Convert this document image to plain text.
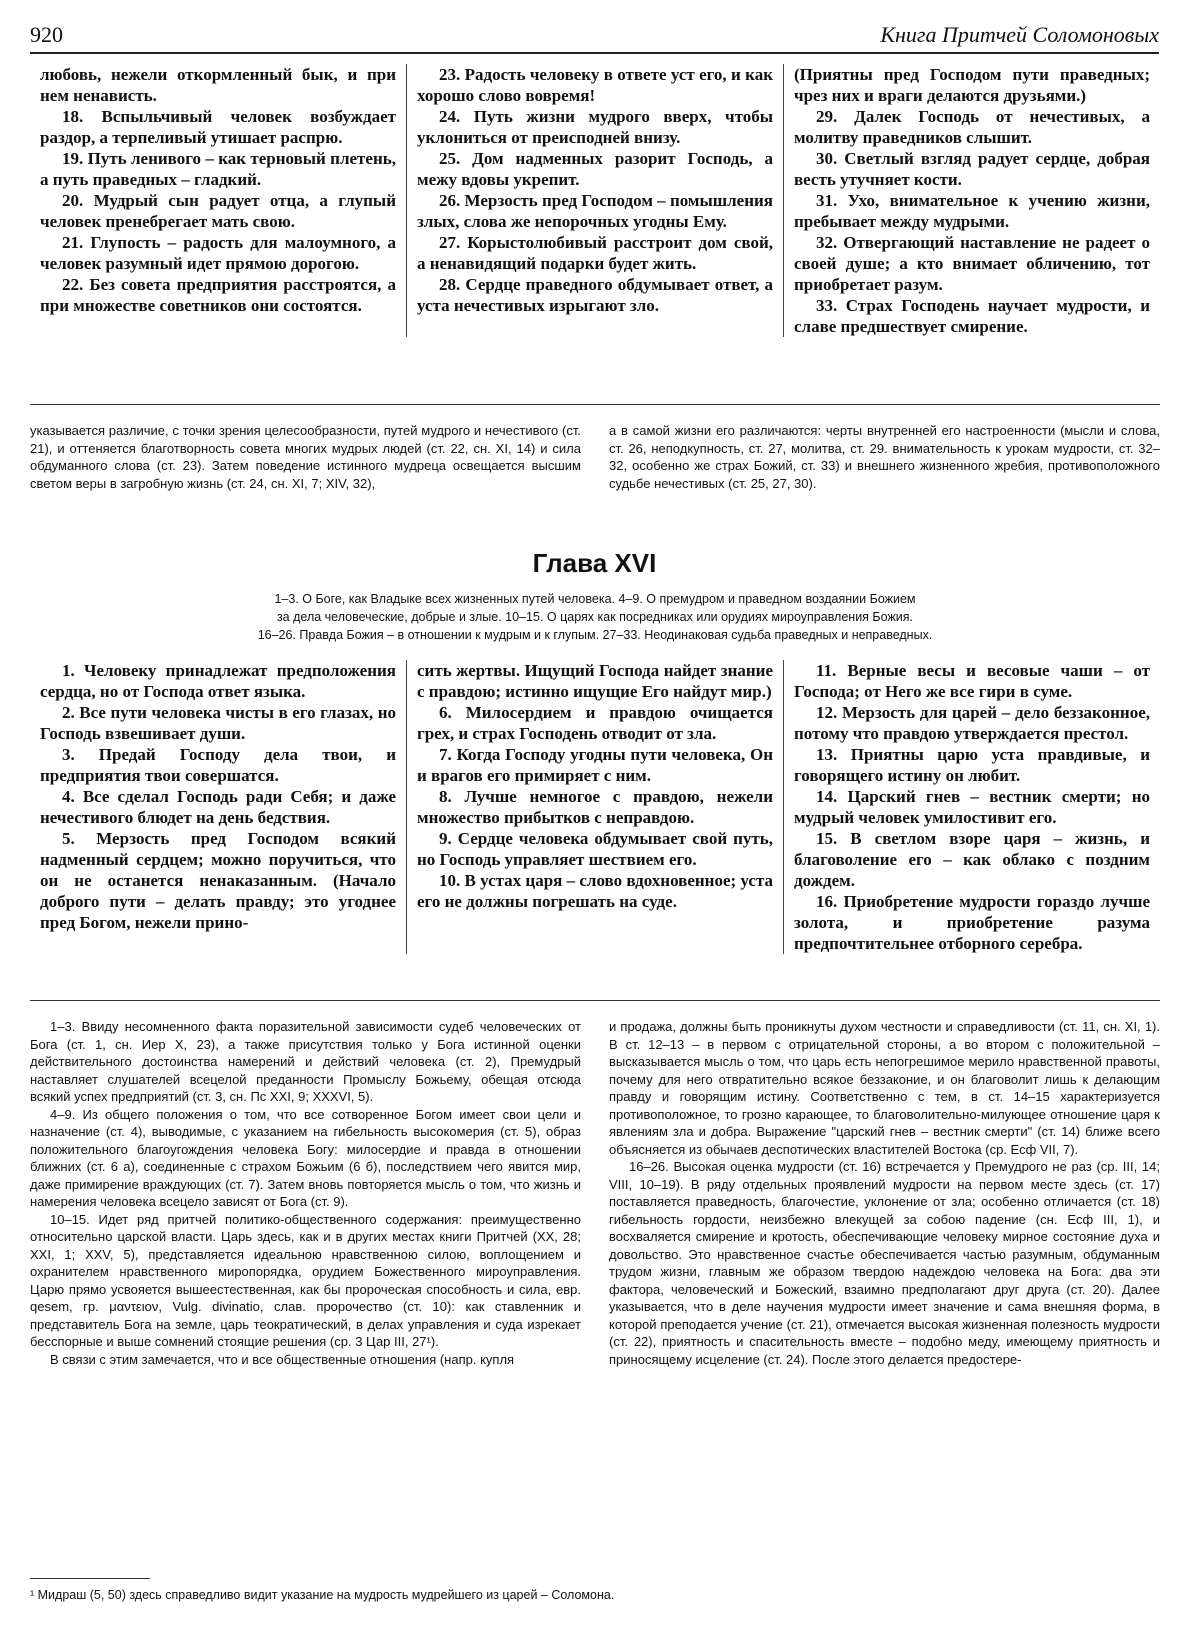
920	Книга Притчей Соломоновых

любовь, нежели откормленный бык, и при нем ненависть.

18. Вспыльчивый человек возбуждает раздор, а терпеливый утишает распрю.

19. Путь ленивого – как терновый плетень, а путь праведных – гладкий.

20. Мудрый сын радует отца, а глупый человек пренебрегает мать свою.

21. Глупость – радость для малоумного, а человек разумный идет прямою дорогою.

22. Без совета предприятия расстроятся, а при множестве советников они состоятся.

23. Радость человеку в ответе уст его, и как хорошо слово вовремя!

24. Путь жизни мудрого вверх, чтобы уклониться от преисподней внизу.

25. Дом надменных разорит Господь, а межу вдовы укрепит.

26. Мерзость пред Господом – помышления злых, слова же непорочных угодны Ему.

27. Корыстолюбивый расстроит дом свой, а ненавидящий подарки будет жить.

28. Сердце праведного обдумывает ответ, а уста нечестивых изрыгают зло.

(Приятны пред Господом пути праведных; чрез них и враги делаются друзьями.)

29. Далек Господь от нечестивых, а молитву праведников слышит.

30. Светлый взгляд радует сердце, добрая весть утучняет кости.

31. Ухо, внимательное к учению жизни, пребывает между мудрыми.

32. Отвергающий наставление не радеет о своей душе; а кто внимает обличению, тот приобретает разум.

33. Страх Господень научает мудрости, и славе предшествует смирение.

указывается различие, с точки зрения целесообразности, путей мудрого и нечестивого (ст. 21), и оттеняется благотворность совета многих мудрых людей (ст. 22, сн. XI, 14) и сила обдуманного слова (ст. 23). Затем поведение истинного мудреца освещается высшим светом веры в загробную жизнь (ст. 24, сн. XI, 7; XIV, 32),

а в самой жизни его различаются: черты внутренней его настроенности (мысли и слова, ст. 26, неподкупность, ст. 27, молитва, ст. 29. внимательность к урокам мудрости, ст. 32–32, особенно же страх Божий, ст. 33) и внешнего жизненного жребия, противоположного судьбе нечестивых (ст. 25, 27, 30).

Глава XVI
1–3. О Боге, как Владыке всех жизненных путей человека. 4–9. О премудром и праведном воздаянии Божием
за дела человеческие, добрые и злые. 10–15. О царях как посредниках или орудиях мироуправления Божия.
16–26. Правда Божия – в отношении к мудрым и к глупым. 27–33. Неодинаковая судьба праведных и неправедных.

1. Человеку принадлежат предположения сердца, но от Господа ответ языка.

2. Все пути человека чисты в его глазах, но Господь взвешивает души.

3. Предай Господу дела твои, и предприятия твои совершатся.

4. Все сделал Господь ради Себя; и даже нечестивого блюдет на день бедствия.

5. Мерзость пред Господом всякий надменный сердцем; можно поручиться, что он не останется ненаказанным. (Начало доброго пути – делать правду; это угоднее пред Богом, нежели прино-

сить жертвы. Ищущий Господа найдет знание с правдою; истинно ищущие Его найдут мир.)

6. Милосердием и правдою очищается грех, и страх Господень отводит от зла.

7. Когда Господу угодны пути человека, Он и врагов его примиряет с ним.

8. Лучше немногое с правдою, нежели множество прибытков с неправдою.

9. Сердце человека обдумывает свой путь, но Господь управляет шествием его.

10. В устах царя – слово вдохновенное; уста его не должны погрешать на суде.

11. Верные весы и весовые чаши – от Господа; от Него же все гири в суме.

12. Мерзость для царей – дело беззаконное, потому что правдою утверждается престол.

13. Приятны царю уста правдивые, и говорящего истину он любит.

14. Царский гнев – вестник смерти; но мудрый человек умилостивит его.

15. В светлом взоре царя – жизнь, и благоволение его – как облако с поздним дождем.

16. Приобретение мудрости гораздо лучше золота, и приобретение разума предпочтительнее отборного серебра.

1–3. Ввиду несомненного факта поразительной зависимости судеб человеческих от Бога (ст. 1, сн. Иер X, 23), а также присутствия только у Бога истинной оценки действительного достоинства намерений и действий человека (ст. 2), Премудрый наставляет слушателей всецелой преданности Промыслу Божьему, обещая отсюда всякий успех предприятий (ст. 3, сн. Пс XXI, 9; XXXVI, 5).

4–9. Из общего положения о том, что все сотворенное Богом имеет свои цели и назначение (ст. 4), выводимые, с указанием на гибельность высокомерия (ст. 5), образ положительного благоугождения человека Богу: милосердие и правда в отношении ближних (ст. 6 а), соединенные с страхом Божьим (6 б), последствием чего явится мир, даже примирение враждующих (ст. 7). Затем вновь повторяется мысль о том, что жизнь и намерения человека всецело зависят от Бога (ст. 9).

10–15. Идет ряд притчей политико-общественного содержания: преимущественно относительно царской власти. Царь здесь, как и в других местах книги Притчей (XX, 28; XXI, 1; XXV, 5), представляется идеальною нравственною силою, воплощением и охранителем нравственного миропорядка, орудием Божественного мироуправления. Царю прямо усвояется вышеестественная, как бы пророческая способность и сила, евр. qesem, гр. μαντειον, Vulg. divinatio, слав. пророчество (ст. 10): как ставленник и представитель Бога на земле, царь теократический, в делах управления и суда изрекает бесспорные и выше сомнений стоящие решения (ср. 3 Цар III, 27¹).

В связи с этим замечается, что и все общественные отношения (напр. купля

и продажа, должны быть проникнуты духом честности и справедливости (ст. 11, сн. XI, 1). В ст. 12–13 – в первом с отрицательной стороны, а во втором с положительной – высказывается мысль о том, что царь есть непогрешимое мерило нравственной правоты, почему для него отвратительно всякое беззаконие, и он благоволит лишь к делающим правду и говорящим истину. Соответственно с тем, в ст. 14–15 характеризуется противоположное, то грозно карающее, то благоволительно-милующее отношение царя к явлениям зла и добра. Выражение "царский гнев – вестник смерти" (ст. 14) ближе всего объясняется из обычаев деспотических властителей Востока (ср. Есф VII, 7).

16–26. Высокая оценка мудрости (ст. 16) встречается у Премудрого не раз (ср. III, 14; VIII, 10–19). В ряду отдельных проявлений мудрости на первом месте здесь (ст. 17) поставляется праведность, благочестие, уклонение от зла; особенно отличается (ст. 18) гибельность гордости, неизбежно влекущей за собою падение (сн. Есф III, 1), и восхваляется смирение и кротость, обеспечивающие человеку мирное состояние духа и довольство. Это нравственное счастье обеспечивается частью разумным, обдуманным трудом жизни, главным же образом твердою надеждою человека на Бога: два эти фактора, человеческий и Божеский, взаимно предполагают друг друга (ст. 20). Далее указывается, что в деле научения мудрости имеет значение и сама внешняя форма, в которой преподается учение (ст. 21), отмечается высокая жизненная полезность мудрости (ст. 22), приятность и спасительность вместе – подобно меду, имеющему приятность и приносящему исцеление (ст. 24). После этого делается предостере-

¹ Мидраш (5, 50) здесь справедливо видит указание на мудрость мудрейшего из царей – Соломона.
